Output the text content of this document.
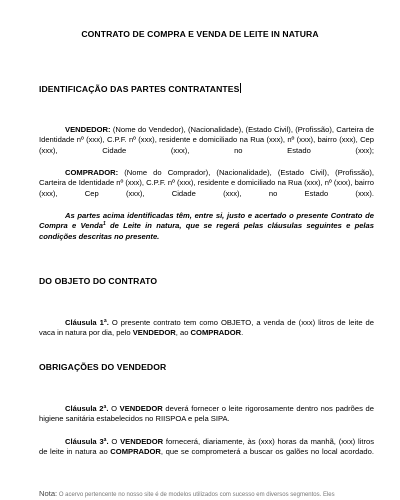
CONTRATO DE COMPRA E VENDA DE LEITE IN NATURA
IDENTIFICAÇÃO DAS PARTES CONTRATANTES
VENDEDOR: (Nome do Vendedor), (Nacionalidade), (Estado Civil), (Profissão), Carteira de Identidade nº (xxx), C.P.F. nº (xxx), residente e domiciliado na Rua (xxx), nº (xxx), bairro (xxx), Cep (xxx), Cidade (xxx), no Estado (xxx);
COMPRADOR: (Nome do Comprador), (Nacionalidade), (Estado Civil), (Profissão), Carteira de Identidade nº (xxx), C.P.F. nº (xxx), residente e domiciliado na Rua (xxx), nº (xxx), bairro (xxx), Cep (xxx), Cidade (xxx), no Estado (xxx).
As partes acima identificadas têm, entre si, justo e acertado o presente Contrato de Compra e Venda$^1$ de Leite in natura, que se regerá pelas cláusulas seguintes e pelas condições descritas no presente.
DO OBJETO DO CONTRATO
Cláusula 1ª. O presente contrato tem como OBJETO, a venda de (xxx) litros de leite de vaca in natura por dia, pelo VENDEDOR, ao COMPRADOR.
OBRIGAÇÕES DO VENDEDOR
Cláusula 2ª. O VENDEDOR deverá fornecer o leite rigorosamente dentro nos padrões de higiene sanitária estabelecidos no RIISPOA e pela SIPA.
Cláusula 3ª. O VENDEDOR fornecerá, diariamente, às (xxx) horas da manhã, (xxx) litros de leite in natura ao COMPRADOR, que se comprometerá a buscar os galões no local acordado.
Nota: O acervo pertencente no nosso site é de modelos utilizados com sucesso em diversos segmentos. Eles
